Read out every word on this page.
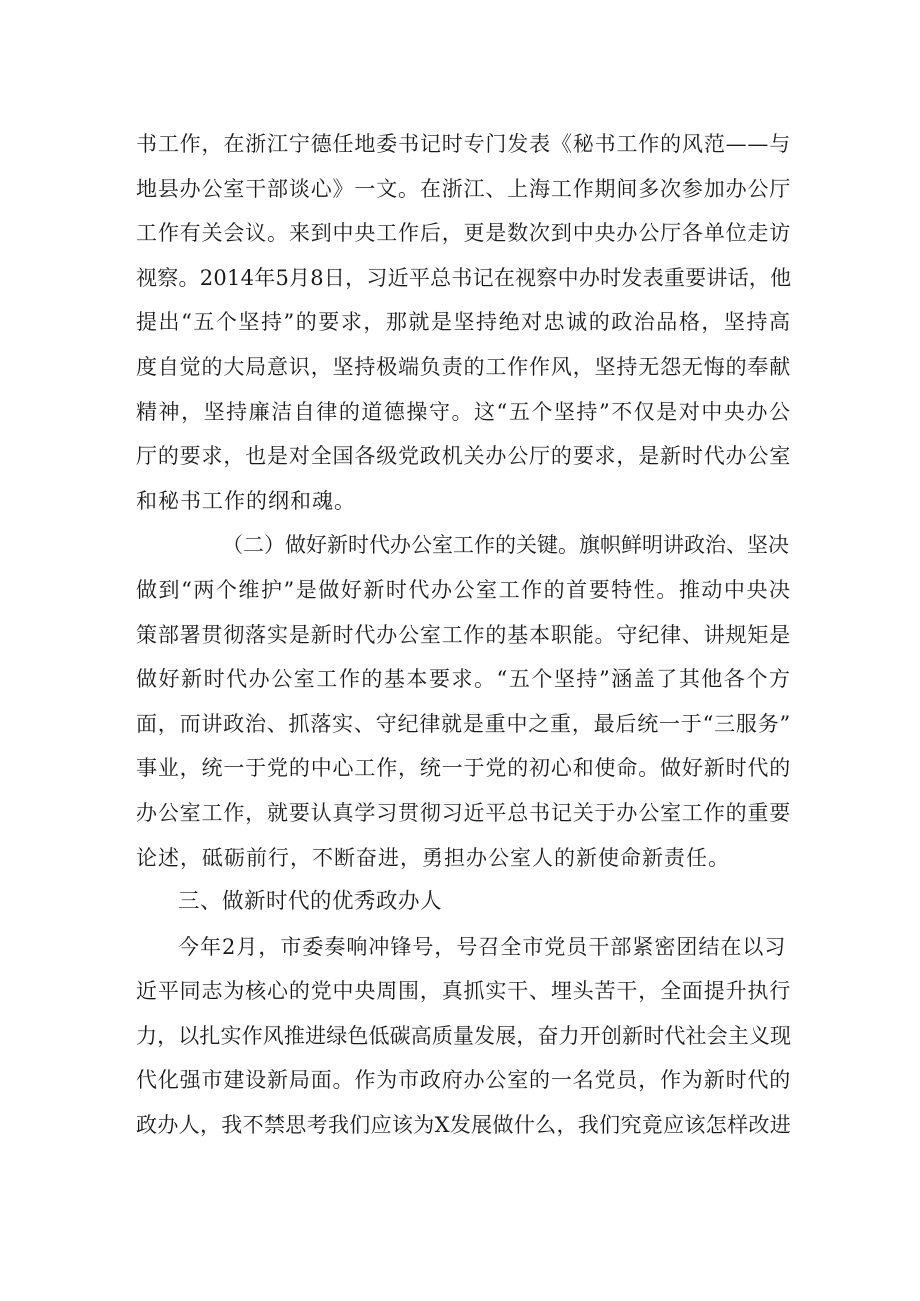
书工作，在浙江宁德任地委书记时专门发表《秘书工作的风范——与
地县办公室干部谈心》一文。在浙江、上海工作期间多次参加办公厅
工作有关会议。来到中央工作后，更是数次到中央办公厅各单位走访
视察。2014年5月8日，习近平总书记在视察中办时发表重要讲话，他
提出“五个坚持”的要求，那就是坚持绝对忠诚的政治品格，坚持高
度自觉的大局意识，坚持极端负责的工作作风，坚持无怨无悔的奉献
精神，坚持廉洁自律的道德操守。这“五个坚持”不仅是对中央办公
厅的要求，也是对全国各级党政机关办公厅的要求，是新时代办公室
和秘书工作的纲和魂。
（二）做好新时代办公室工作的关键。旗帜鲜明讲政治、坚决
做到“两个维护”是做好新时代办公室工作的首要特性。推动中央决
策部署贯彻落实是新时代办公室工作的基本职能。守纪律、讲规矩是
做好新时代办公室工作的基本要求。“五个坚持”涵盖了其他各个方
面，而讲政治、抓落实、守纪律就是重中之重，最后统一于“三服务”
事业，统一于党的中心工作，统一于党的初心和使命。做好新时代的
办公室工作，就要认真学习贯彻习近平总书记关于办公室工作的重要
论述，砥砺前行，不断奋进，勇担办公室人的新使命新责任。
三、做新时代的优秀政办人
今年2月，市委奏响冲锋号，号召全市党员干部紧密团结在以习
近平同志为核心的党中央周围，真抓实干、埋头苦干，全面提升执行
力，以扎实作风推进绿色低碳高质量发展，奋力开创新时代社会主义现
代化强市建设新局面。作为市政府办公室的一名党员，作为新时代的
政办人，我不禁思考我们应该为X发展做什么，我们究竟应该怎样改进
